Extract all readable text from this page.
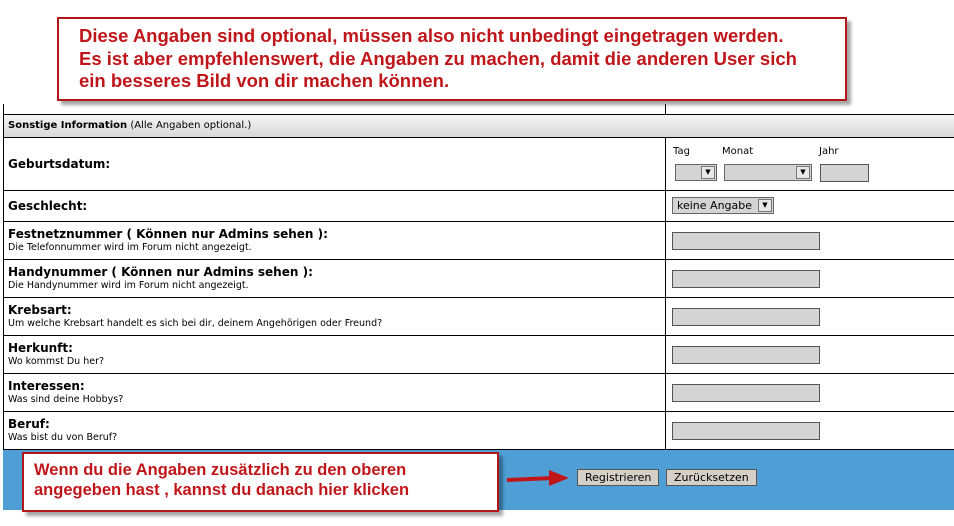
Diese Angaben sind optional, müssen also nicht unbedingt eingetragen werden.
Es ist aber empfehlenswert, die Angaben zu machen, damit die anderen User sich
ein besseres Bild von dir machen können.
Sonstige Information (Alle Angaben optional.)
Geburtsdatum:
Tag	Monat	Jahr
▼	▼
Geschlecht:	keine Angabe	▼
Festnetznummer ( Können nur Admins sehen ):
Die Telefonnummer wird im Forum nicht angezeigt.
Handynummer ( Können nur Admins sehen ):
Die Handynummer wird im Forum nicht angezeigt.
Krebsart:
Um welche Krebsart handelt es sich bei dir, deinem Angehörigen oder Freund?
Herkunft:
Wo kommst Du her?
Interessen:
Was sind deine Hobbys?
Beruf:
Was bist du von Beruf?
Registrieren	Zurücksetzen
Wenn du die Angaben zusätzlich zu den oberen
angegeben hast , kannst du danach hier klicken
